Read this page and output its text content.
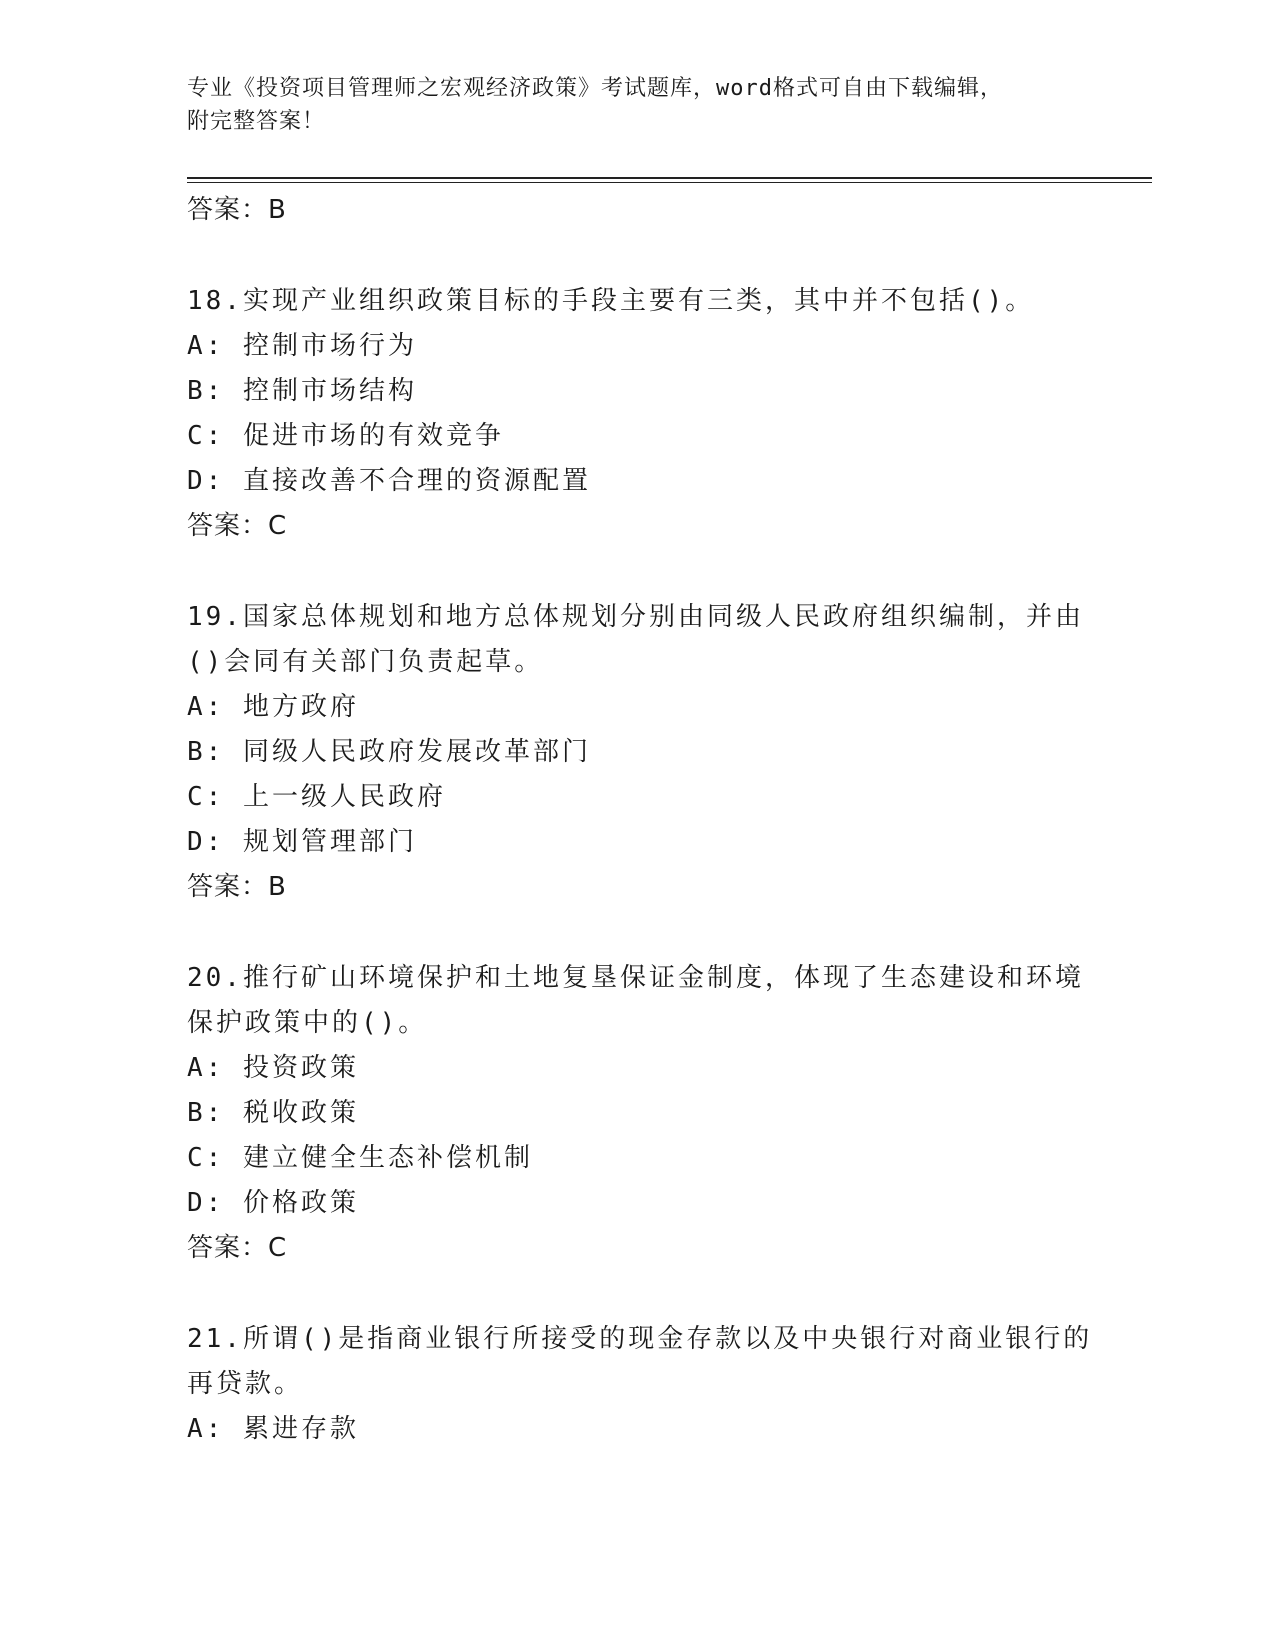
专业《投资项目管理师之宏观经济政策》考试题库，word格式可自由下载编辑，
附完整答案！
答案：B
18.实现产业组织政策目标的手段主要有三类，其中并不包括()。
A: 控制市场行为
B: 控制市场结构
C: 促进市场的有效竞争
D: 直接改善不合理的资源配置
答案：C
19.国家总体规划和地方总体规划分别由同级人民政府组织编制，并由
()会同有关部门负责起草。
A: 地方政府
B: 同级人民政府发展改革部门
C: 上一级人民政府
D: 规划管理部门
答案：B
20.推行矿山环境保护和土地复垦保证金制度，体现了生态建设和环境
保护政策中的()。
A: 投资政策
B: 税收政策
C: 建立健全生态补偿机制
D: 价格政策
答案：C
21.所谓()是指商业银行所接受的现金存款以及中央银行对商业银行的
再贷款。
A: 累进存款
